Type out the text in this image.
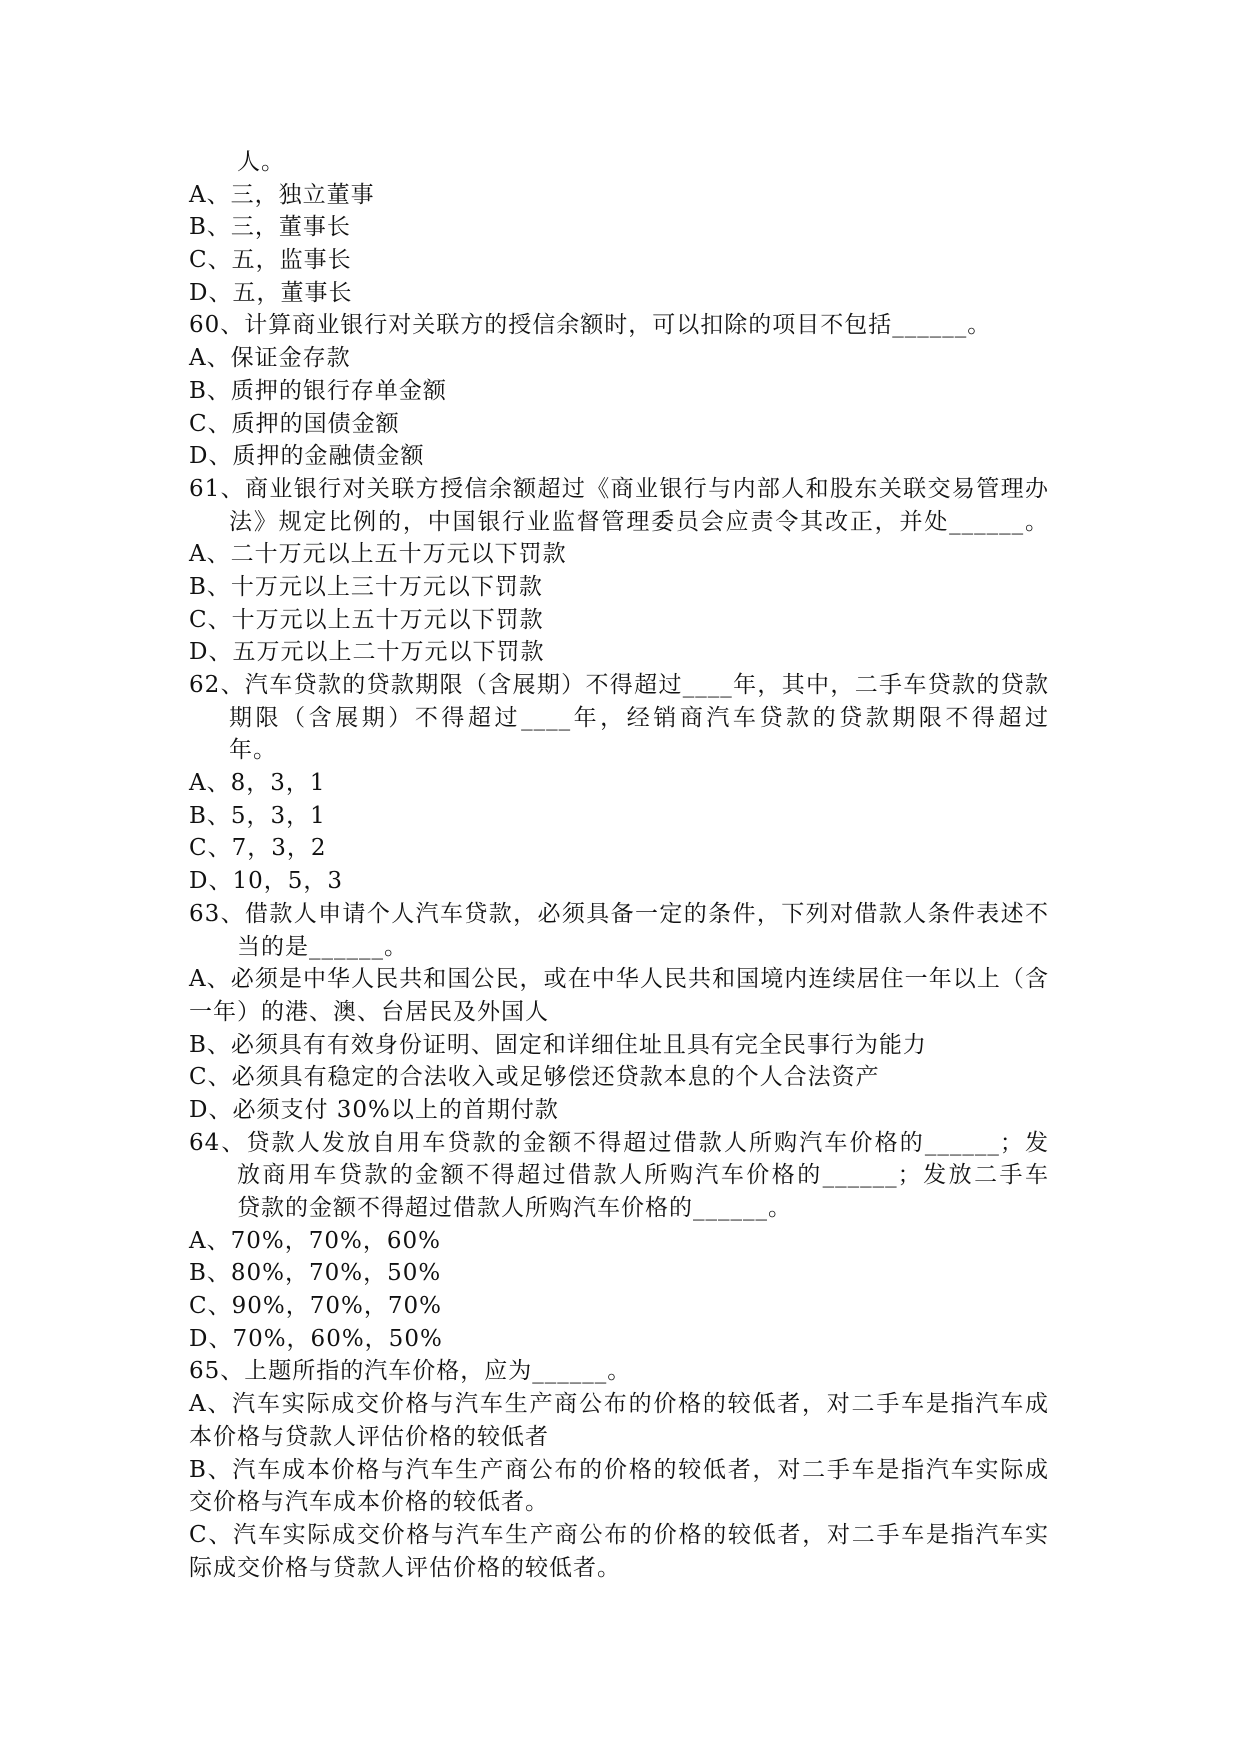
人。
A、三，独立董事
B、三，董事长
C、五，监事长
D、五，董事长
60、计算商业银行对关联方的授信余额时，可以扣除的项目不包括______。
A、保证金存款
B、质押的银行存单金额
C、质押的国债金额
D、质押的金融债金额
61、商业银行对关联方授信余额超过《商业银行与内部人和股东关联交易管理办
法》规定比例的，中国银行业监督管理委员会应责令其改正，并处______。
A、二十万元以上五十万元以下罚款
B、十万元以上三十万元以下罚款
C、十万元以上五十万元以下罚款
D、五万元以上二十万元以下罚款
62、汽车贷款的贷款期限（含展期）不得超过____年，其中，二手车贷款的贷款
期限（含展期）不得超过____年，经销商汽车贷款的贷款期限不得超过
年。
A、8，3，1
B、5，3，1
C、7，3，2
D、10，5，3
63、借款人申请个人汽车贷款，必须具备一定的条件，下列对借款人条件表述不
当的是______。
A、必须是中华人民共和国公民，或在中华人民共和国境内连续居住一年以上（含
一年）的港、澳、台居民及外国人
B、必须具有有效身份证明、固定和详细住址且具有完全民事行为能力
C、必须具有稳定的合法收入或足够偿还贷款本息的个人合法资产
D、必须支付 30%以上的首期付款
64、贷款人发放自用车贷款的金额不得超过借款人所购汽车价格的______；发
放商用车贷款的金额不得超过借款人所购汽车价格的______；发放二手车
贷款的金额不得超过借款人所购汽车价格的______。
A、70%，70%，60%
B、80%，70%，50%
C、90%，70%，70%
D、70%，60%，50%
65、上题所指的汽车价格，应为______。
A、汽车实际成交价格与汽车生产商公布的价格的较低者，对二手车是指汽车成
本价格与贷款人评估价格的较低者
B、汽车成本价格与汽车生产商公布的价格的较低者，对二手车是指汽车实际成
交价格与汽车成本价格的较低者。
C、汽车实际成交价格与汽车生产商公布的价格的较低者，对二手车是指汽车实
际成交价格与贷款人评估价格的较低者。
